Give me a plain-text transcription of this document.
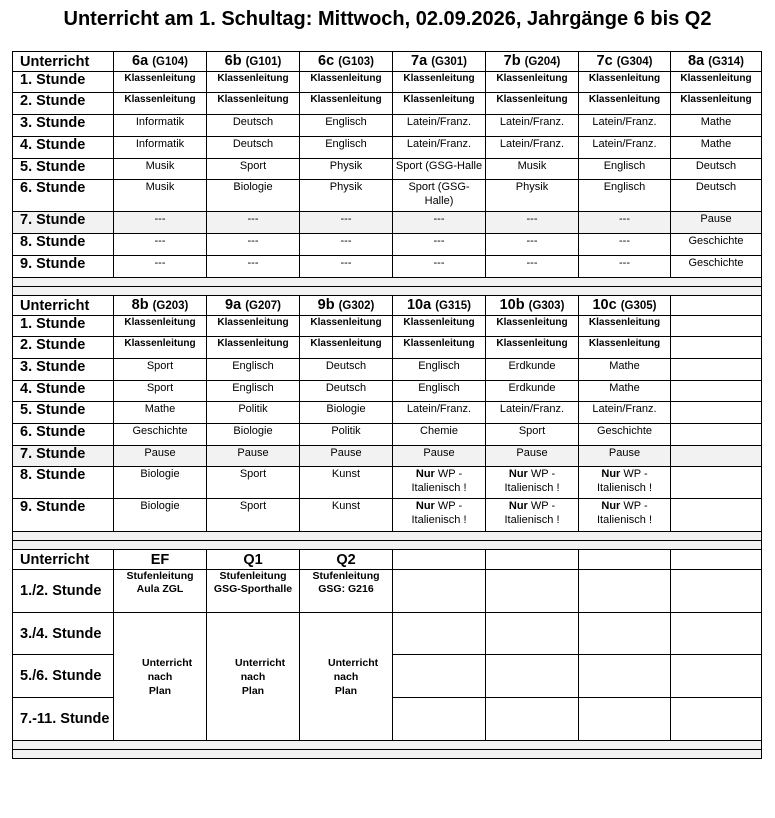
Unterricht am 1. Schultag: Mittwoch, 02.09.2026, Jahrgänge 6 bis Q2
Unterricht	6a (G104)	6b (G101)	6c (G103)	7a (G301)	7b (G204)	7c (G304)	8a (G314)
1. Stunde	Klassenleitung	Klassenleitung	Klassenleitung	Klassenleitung	Klassenleitung	Klassenleitung	Klassenleitung
2. Stunde	Klassenleitung	Klassenleitung	Klassenleitung	Klassenleitung	Klassenleitung	Klassenleitung	Klassenleitung
3. Stunde	Informatik	Deutsch	Englisch	Latein/Franz.	Latein/Franz.	Latein/Franz.	Mathe
4. Stunde	Informatik	Deutsch	Englisch	Latein/Franz.	Latein/Franz.	Latein/Franz.	Mathe
5. Stunde	Musik	Sport	Physik	Sport (GSG-Halle	Musik	Englisch	Deutsch
6. Stunde	Musik	Biologie	Physik	Sport (GSG-Halle)	Physik	Englisch	Deutsch
7. Stunde	---	---	---	---	---	---	Pause
8. Stunde	---	---	---	---	---	---	Geschichte
9. Stunde	---	---	---	---	---	---	Geschichte

Unterricht	8b (G203)	9a (G207)	9b (G302)	10a (G315)	10b (G303)	10c (G305)	
1. Stunde	Klassenleitung	Klassenleitung	Klassenleitung	Klassenleitung	Klassenleitung	Klassenleitung	
2. Stunde	Klassenleitung	Klassenleitung	Klassenleitung	Klassenleitung	Klassenleitung	Klassenleitung	
3. Stunde	Sport	Englisch	Deutsch	Englisch	Erdkunde	Mathe	
4. Stunde	Sport	Englisch	Deutsch	Englisch	Erdkunde	Mathe	
5. Stunde	Mathe	Politik	Biologie	Latein/Franz.	Latein/Franz.	Latein/Franz.	
6. Stunde	Geschichte	Biologie	Politik	Chemie	Sport	Geschichte	
7. Stunde	Pause	Pause	Pause	Pause	Pause	Pause	
8. Stunde	Biologie	Sport	Kunst	Nur WP - Italienisch !	Nur WP - Italienisch !	Nur WP - Italienisch !	
9. Stunde	Biologie	Sport	Kunst	Nur WP - Italienisch !	Nur WP - Italienisch !	Nur WP - Italienisch !	

Unterricht	EF	Q1	Q2				
1./2. Stunde	Stufenleitung Aula ZGL	Stufenleitung GSG-Sporthalle	Stufenleitung GSG: G216				
3./4. Stunde	Unterricht nach Plan	Unterricht nach Plan	Unterricht nach Plan				
5./6. Stunde							
7.-11. Stunde							
